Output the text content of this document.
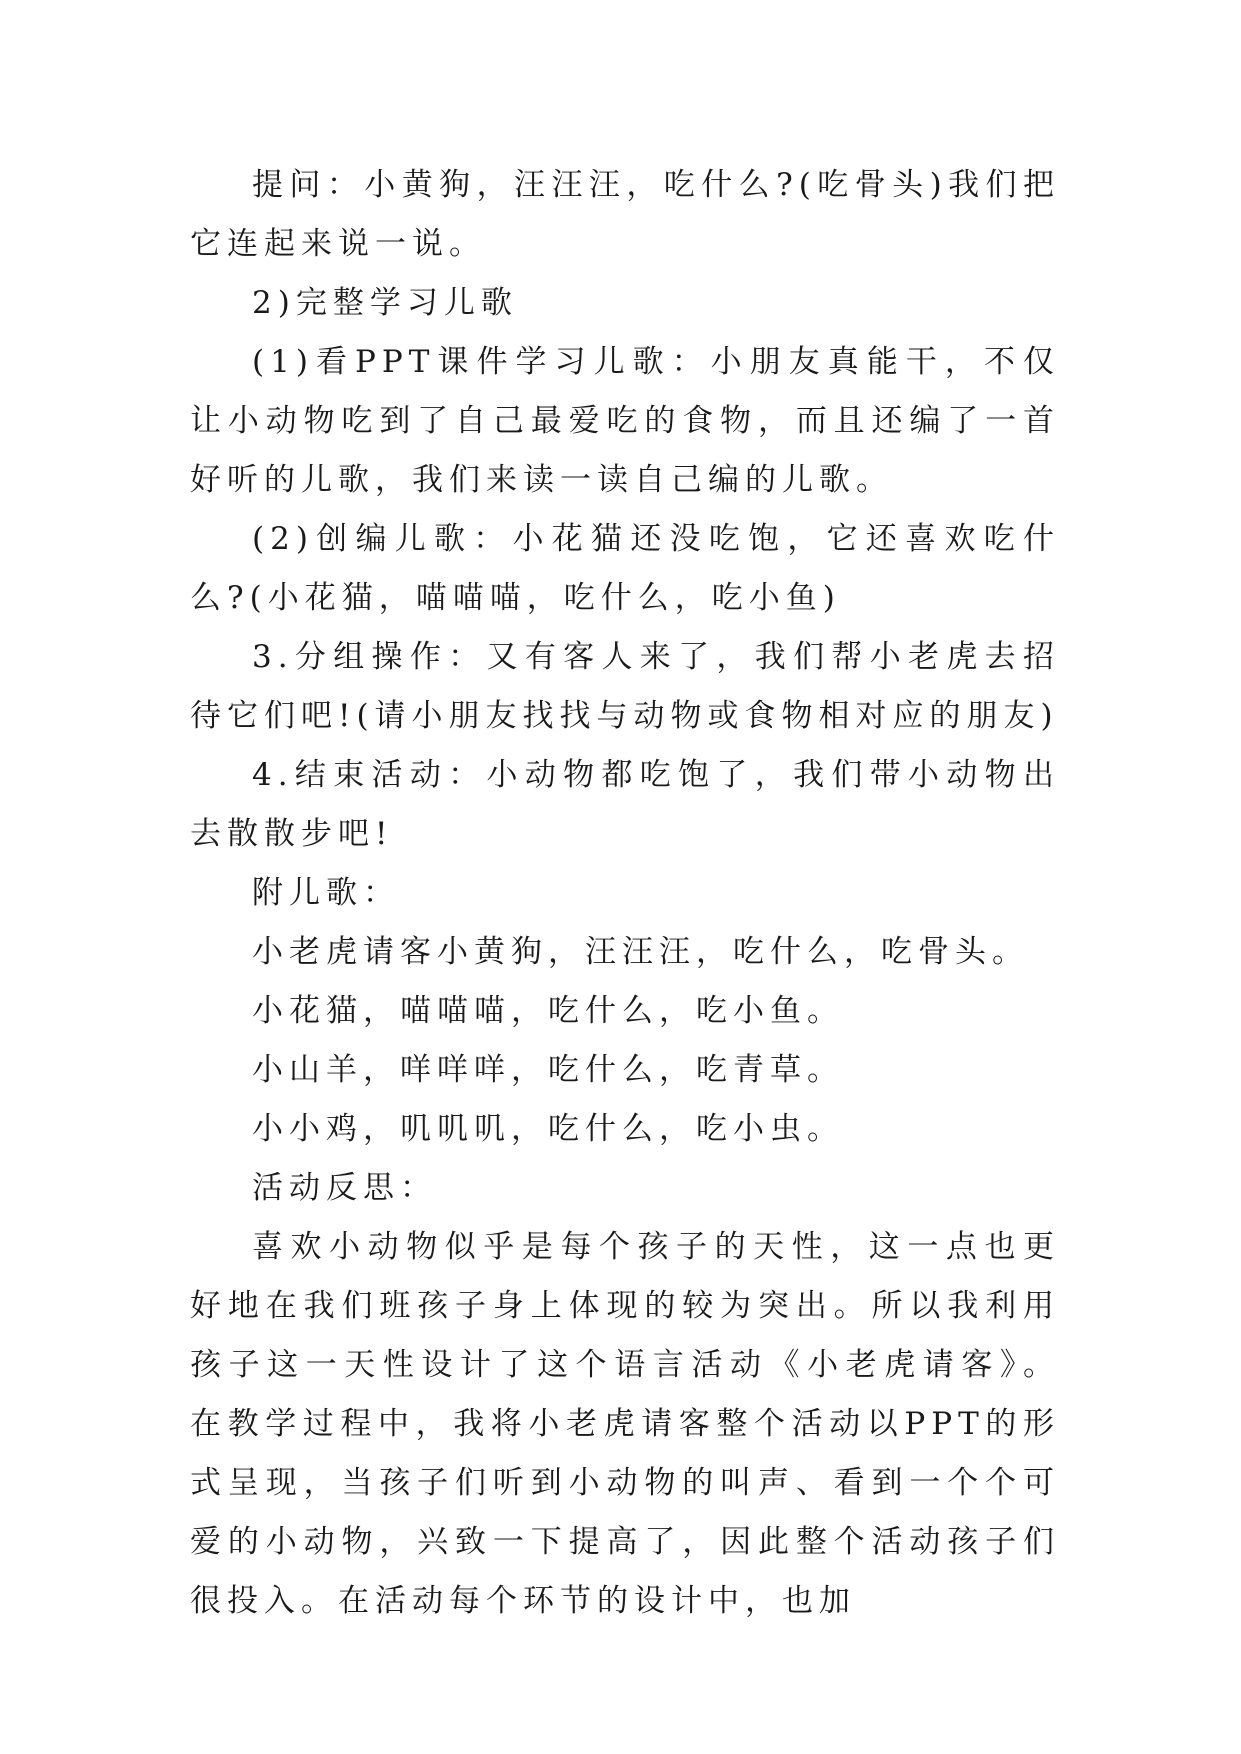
提问：小黄狗，汪汪汪，吃什么?(吃骨头)我们把它连起来说一说。

2)完整学习儿歌

(1)看PPT课件学习儿歌：小朋友真能干，不仅让小动物吃到了自己最爱吃的食物，而且还编了一首好听的儿歌，我们来读一读自己编的儿歌。

(2)创编儿歌：小花猫还没吃饱，它还喜欢吃什么?(小花猫，喵喵喵，吃什么，吃小鱼)

3.分组操作：又有客人来了，我们帮小老虎去招待它们吧!(请小朋友找找与动物或食物相对应的朋友)

4.结束活动：小动物都吃饱了，我们带小动物出去散散步吧!

附儿歌：

小老虎请客小黄狗，汪汪汪，吃什么，吃骨头。

小花猫，喵喵喵，吃什么，吃小鱼。

小山羊，咩咩咩，吃什么，吃青草。

小小鸡，叽叽叽，吃什么，吃小虫。

活动反思：

喜欢小动物似乎是每个孩子的天性，这一点也更好地在我们班孩子身上体现的较为突出。所以我利用孩子这一天性设计了这个语言活动《小老虎请客》。在教学过程中，我将小老虎请客整个活动以PPT的形式呈现，当孩子们听到小动物的叫声、看到一个个可爱的小动物，兴致一下提高了，因此整个活动孩子们很投入。在活动每个环节的设计中，也加
